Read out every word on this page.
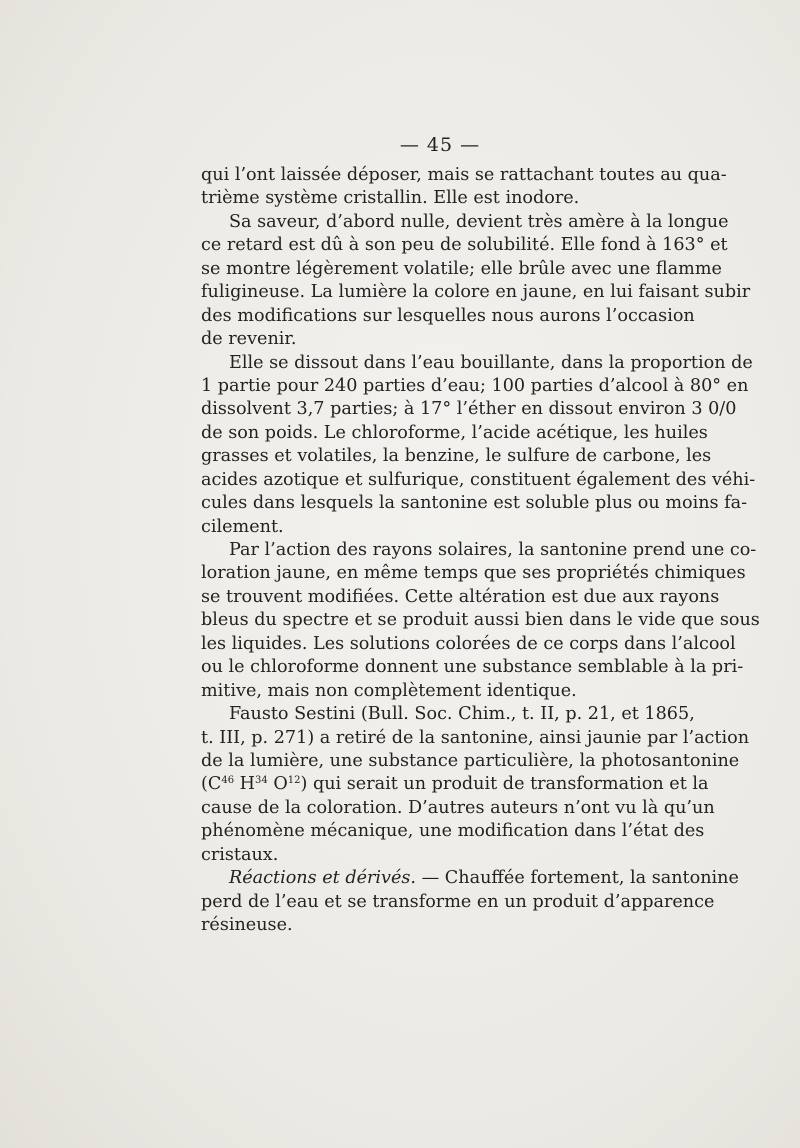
— 45 —
qui l’ont laissée déposer, mais se rattachant toutes au qua-
trième système cristallin. Elle est inodore.
Sa saveur, d’abord nulle, devient très amère à la longue
ce retard est dû à son peu de solubilité. Elle fond à 163° et
se montre légèrement volatile; elle brûle avec une flamme
fuligineuse. La lumière la colore en jaune, en lui faisant subir
des modifications sur lesquelles nous aurons l’occasion
de revenir.
Elle se dissout dans l’eau bouillante, dans la proportion de
1 partie pour 240 parties d’eau; 100 parties d’alcool à 80° en
dissolvent 3,7 parties; à 17° l’éther en dissout environ 3 0/0
de son poids. Le chloroforme, l’acide acétique, les huiles
grasses et volatiles, la benzine, le sulfure de carbone, les
acides azotique et sulfurique, constituent également des véhi-
cules dans lesquels la santonine est soluble plus ou moins fa-
cilement.
Par l’action des rayons solaires, la santonine prend une co-
loration jaune, en même temps que ses propriétés chimiques
se trouvent modifiées. Cette altération est due aux rayons
bleus du spectre et se produit aussi bien dans le vide que sous
les liquides. Les solutions colorées de ce corps dans l’alcool
ou le chloroforme donnent une substance semblable à la pri-
mitive, mais non complètement identique.
Fausto Sestini (Bull. Soc. Chim., t. II, p. 21, et 1865,
t. III, p. 271) a retiré de la santonine, ainsi jaunie par l’action
de la lumière, une substance particulière, la photosantonine
($C^{46}$ $H^{34}$ $O^{12}$) qui serait un produit de transformation et la
cause de la coloration. D’autres auteurs n’ont vu là qu’un
phénomène mécanique, une modification dans l’état des
cristaux.
Réactions et dérivés. — Chauffée fortement, la santonine
perd de l’eau et se transforme en un produit d’apparence
résineuse.
